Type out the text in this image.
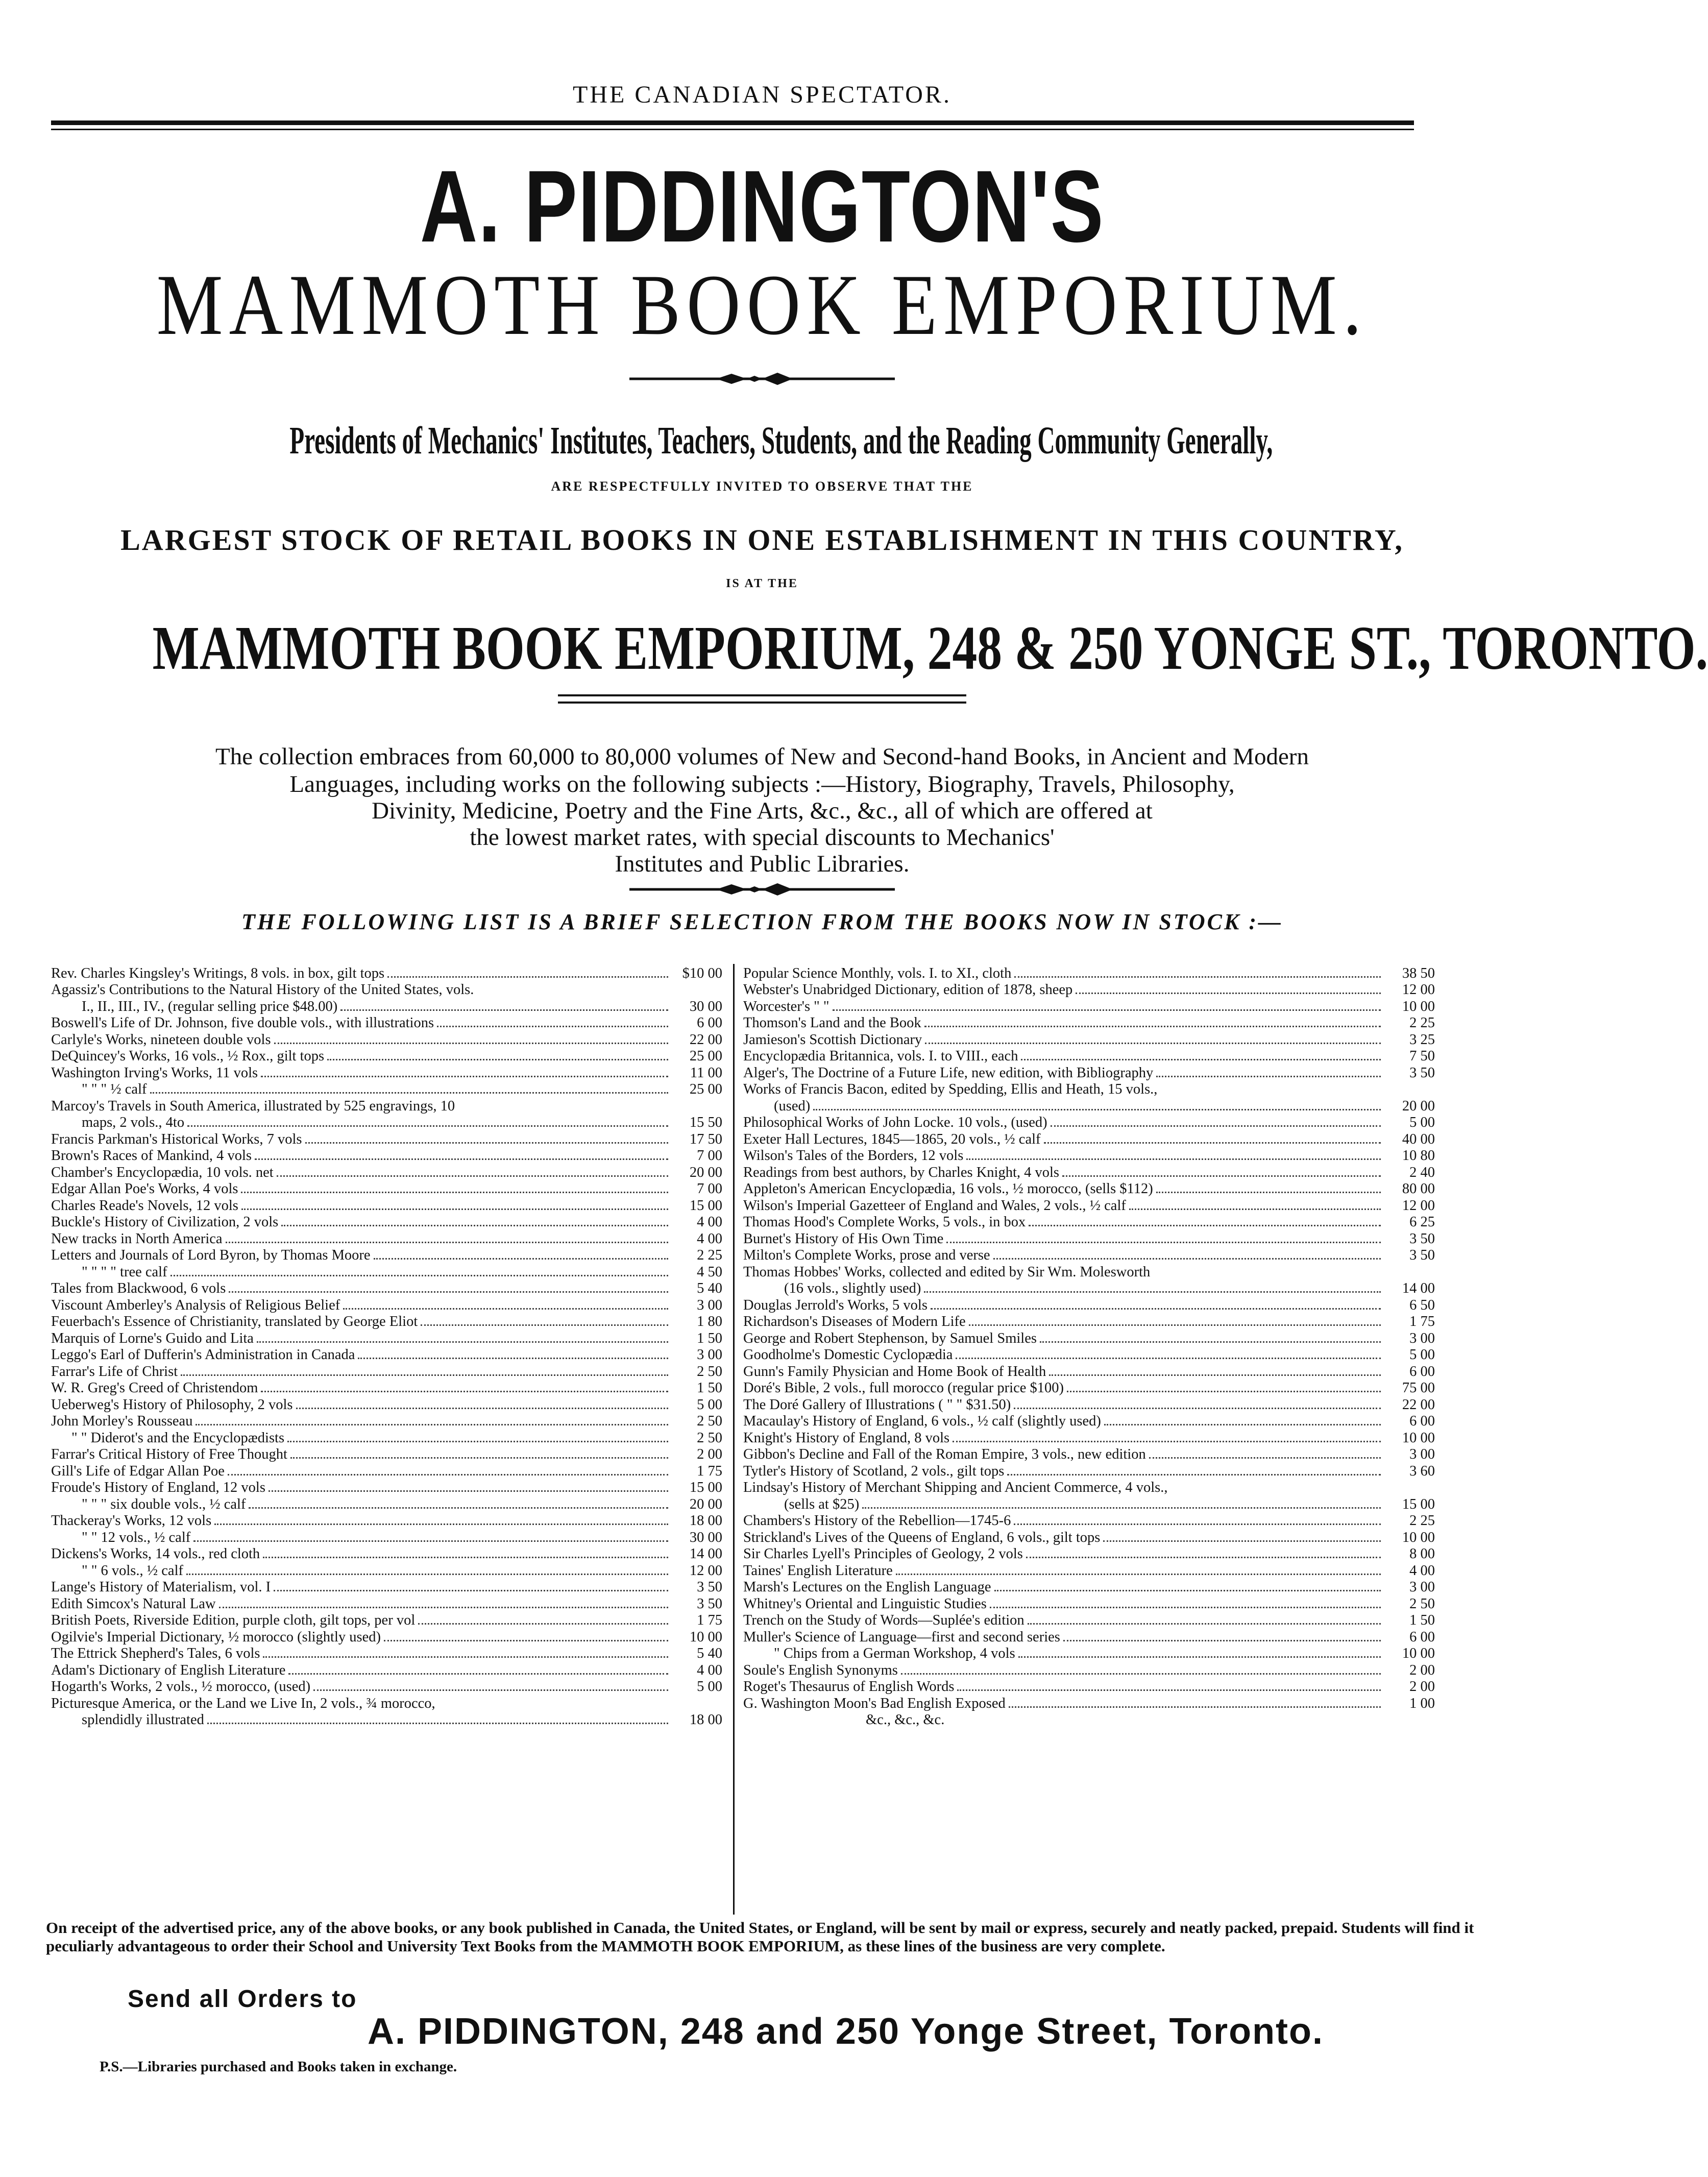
THE CANADIAN SPECTATOR.
A. PIDDINGTON'S
MAMMOTH BOOK EMPORIUM.
Presidents of Mechanics' Institutes, Teachers, Students, and the Reading Community Generally,
ARE RESPECTFULLY INVITED TO OBSERVE THAT THE
LARGEST STOCK OF RETAIL BOOKS IN ONE ESTABLISHMENT IN THIS COUNTRY,
IS AT THE
MAMMOTH BOOK EMPORIUM, 248 & 250 YONGE ST., TORONTO.
The collection embraces from 60,000 to 80,000 volumes of New and Second-hand Books, in Ancient and Modern
Languages, including works on the following subjects :—History, Biography, Travels, Philosophy,
Divinity, Medicine, Poetry and the Fine Arts, &c., &c., all of which are offered at
the lowest market rates, with special discounts to Mechanics'
Institutes and Public Libraries.
THE FOLLOWING LIST IS A BRIEF SELECTION FROM THE BOOKS NOW IN STOCK :—
Rev. Charles Kingsley's Writings, 8 vols. in box, gilt tops	$10 00
Agassiz's Contributions to the Natural History of the United States, vols.
I., II., III., IV., (regular selling price $48.00)	30 00
Boswell's Life of Dr. Johnson, five double vols., with illustrations	6 00
Carlyle's Works, nineteen double vols	22 00
DeQuincey's Works, 16 vols., ½ Rox., gilt tops	25 00
Washington Irving's Works, 11 vols	11 00
" " " ½ calf	25 00
Marcoy's Travels in South America, illustrated by 525 engravings, 10
maps, 2 vols., 4to	15 50
Francis Parkman's Historical Works, 7 vols	17 50
Brown's Races of Mankind, 4 vols	7 00
Chamber's Encyclopædia, 10 vols. net	20 00
Edgar Allan Poe's Works, 4 vols	7 00
Charles Reade's Novels, 12 vols	15 00
Buckle's History of Civilization, 2 vols	4 00
New tracks in North America	4 00
Letters and Journals of Lord Byron, by Thomas Moore	2 25
" " " " tree calf	4 50
Tales from Blackwood, 6 vols	5 40
Viscount Amberley's Analysis of Religious Belief	3 00
Feuerbach's Essence of Christianity, translated by George Eliot	1 80
Marquis of Lorne's Guido and Lita	1 50
Leggo's Earl of Dufferin's Administration in Canada	3 00
Farrar's Life of Christ	2 50
W. R. Greg's Creed of Christendom	1 50
Ueberweg's History of Philosophy, 2 vols	5 00
John Morley's Rousseau	2 50
" " Diderot's and the Encyclopædists	2 50
Farrar's Critical History of Free Thought	2 00
Gill's Life of Edgar Allan Poe	1 75
Froude's History of England, 12 vols	15 00
" " " six double vols., ½ calf	20 00
Thackeray's Works, 12 vols	18 00
" " 12 vols., ½ calf	30 00
Dickens's Works, 14 vols., red cloth	14 00
" " 6 vols., ½ calf	12 00
Lange's History of Materialism, vol. I	3 50
Edith Simcox's Natural Law	3 50
British Poets, Riverside Edition, purple cloth, gilt tops, per vol	1 75
Ogilvie's Imperial Dictionary, ½ morocco (slightly used)	10 00
The Ettrick Shepherd's Tales, 6 vols	5 40
Adam's Dictionary of English Literature	4 00
Hogarth's Works, 2 vols., ½ morocco, (used)	5 00
Picturesque America, or the Land we Live In, 2 vols., ¾ morocco,
splendidly illustrated	18 00
Popular Science Monthly, vols. I. to XI., cloth	38 50
Webster's Unabridged Dictionary, edition of 1878, sheep	12 00
Worcester's " "	10 00
Thomson's Land and the Book	2 25
Jamieson's Scottish Dictionary	3 25
Encyclopædia Britannica, vols. I. to VIII., each	7 50
Alger's, The Doctrine of a Future Life, new edition, with Bibliography	3 50
Works of Francis Bacon, edited by Spedding, Ellis and Heath, 15 vols.,
(used)	20 00
Philosophical Works of John Locke. 10 vols., (used)	5 00
Exeter Hall Lectures, 1845—1865, 20 vols., ½ calf	40 00
Wilson's Tales of the Borders, 12 vols	10 80
Readings from best authors, by Charles Knight, 4 vols	2 40
Appleton's American Encyclopædia, 16 vols., ½ morocco, (sells $112)	80 00
Wilson's Imperial Gazetteer of England and Wales, 2 vols., ½ calf	12 00
Thomas Hood's Complete Works, 5 vols., in box	6 25
Burnet's History of His Own Time	3 50
Milton's Complete Works, prose and verse	3 50
Thomas Hobbes' Works, collected and edited by Sir Wm. Molesworth
(16 vols., slightly used)	14 00
Douglas Jerrold's Works, 5 vols	6 50
Richardson's Diseases of Modern Life	1 75
George and Robert Stephenson, by Samuel Smiles	3 00
Goodholme's Domestic Cyclopædia	5 00
Gunn's Family Physician and Home Book of Health	6 00
Doré's Bible, 2 vols., full morocco (regular price $100)	75 00
The Doré Gallery of Illustrations ( " " $31.50)	22 00
Macaulay's History of England, 6 vols., ½ calf (slightly used)	6 00
Knight's History of England, 8 vols	10 00
Gibbon's Decline and Fall of the Roman Empire, 3 vols., new edition	3 00
Tytler's History of Scotland, 2 vols., gilt tops	3 60
Lindsay's History of Merchant Shipping and Ancient Commerce, 4 vols.,
(sells at $25)	15 00
Chambers's History of the Rebellion—1745-6	2 25
Strickland's Lives of the Queens of England, 6 vols., gilt tops	10 00
Sir Charles Lyell's Principles of Geology, 2 vols	8 00
Taines' English Literature	4 00
Marsh's Lectures on the English Language	3 00
Whitney's Oriental and Linguistic Studies	2 50
Trench on the Study of Words—Suplée's edition	1 50
Muller's Science of Language—first and second series	6 00
" Chips from a German Workshop, 4 vols	10 00
Soule's English Synonyms	2 00
Roget's Thesaurus of English Words	2 00
G. Washington Moon's Bad English Exposed	1 00
&c., &c., &c.
On receipt of the advertised price, any of the above books, or any book published in Canada, the United States, or England, will be sent by mail or express, securely and neatly packed, prepaid. Students will find it peculiarly advantageous to order their School and University Text Books from the MAMMOTH BOOK EMPORIUM, as these lines of the business are very complete.
Send all Orders to
A. PIDDINGTON, 248 and 250 Yonge Street, Toronto.
P.S.—Libraries purchased and Books taken in exchange.
